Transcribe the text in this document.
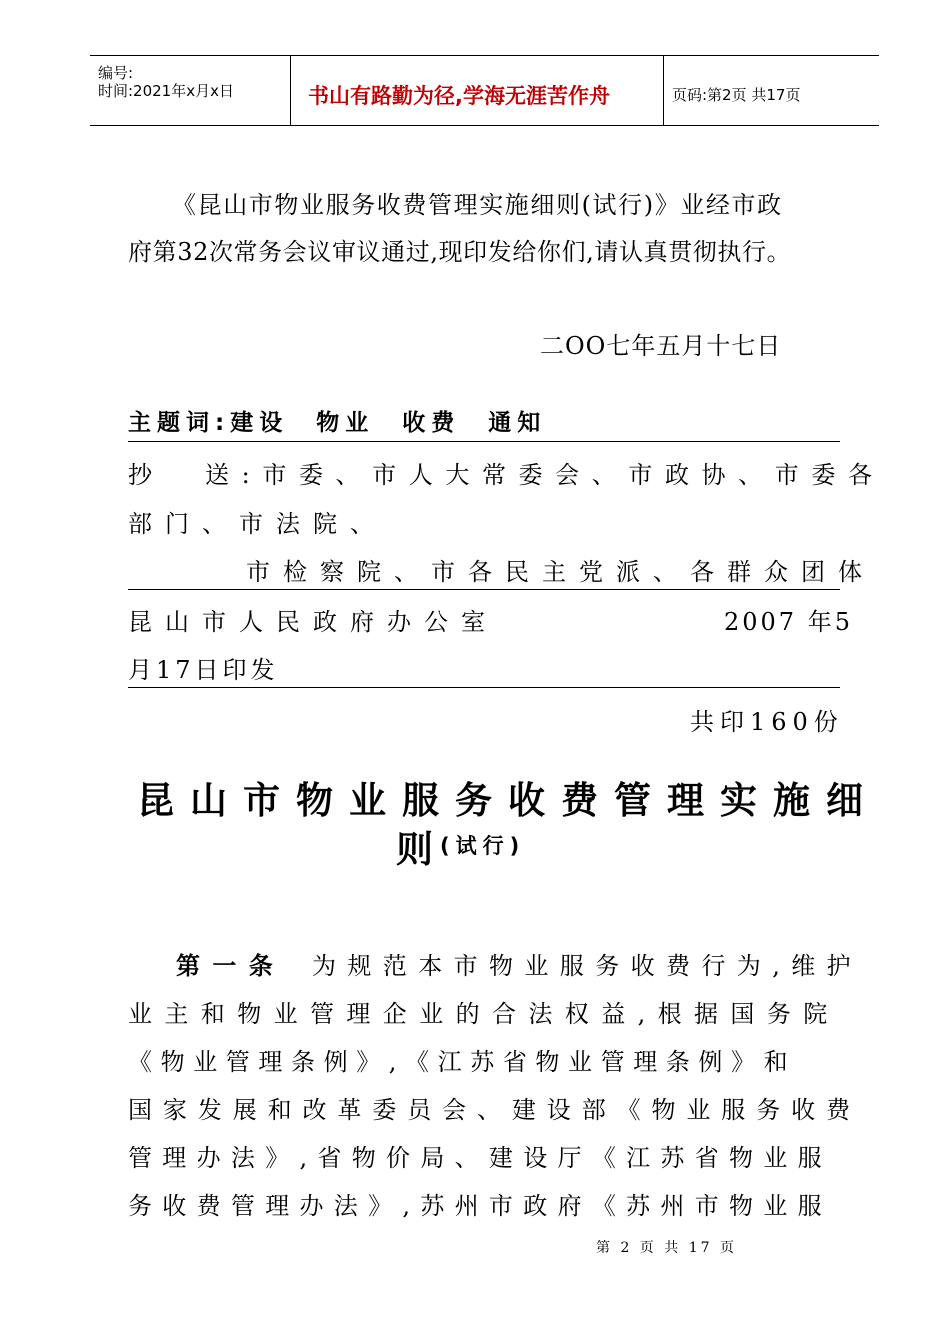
编号:
时间:2021年x月x日	书山有路勤为径,学海无涯苦作舟	页码:第2页 共17页
《昆山市物业服务收费管理实施细则(试行)》业经市政
府第32次常务会议审议通过,现印发给你们,请认真贯彻执行。
二OO七年五月十七日
主题词:建设  物业  收费  通知
抄  送:市委、市人大常委会、市政协、市委各
部门、市法院、
市检察院、市各民主党派、各群众团体
昆山市人民政府办公室	2007 年5
月17日印发
共印160份
昆山市物业服务收费管理实施细
则
(试行)
第一条 为规范本市物业服务收费行为,维护
业主和物业管理企业的合法权益,根据国务院
《物业管理条例》,《江苏省物业管理条例》和
国家发展和改革委员会、建设部《物业服务收费
管理办法》,省物价局、建设厅《江苏省物业服
务收费管理办法》,苏州市政府《苏州市物业服
第 2 页 共 17 页
